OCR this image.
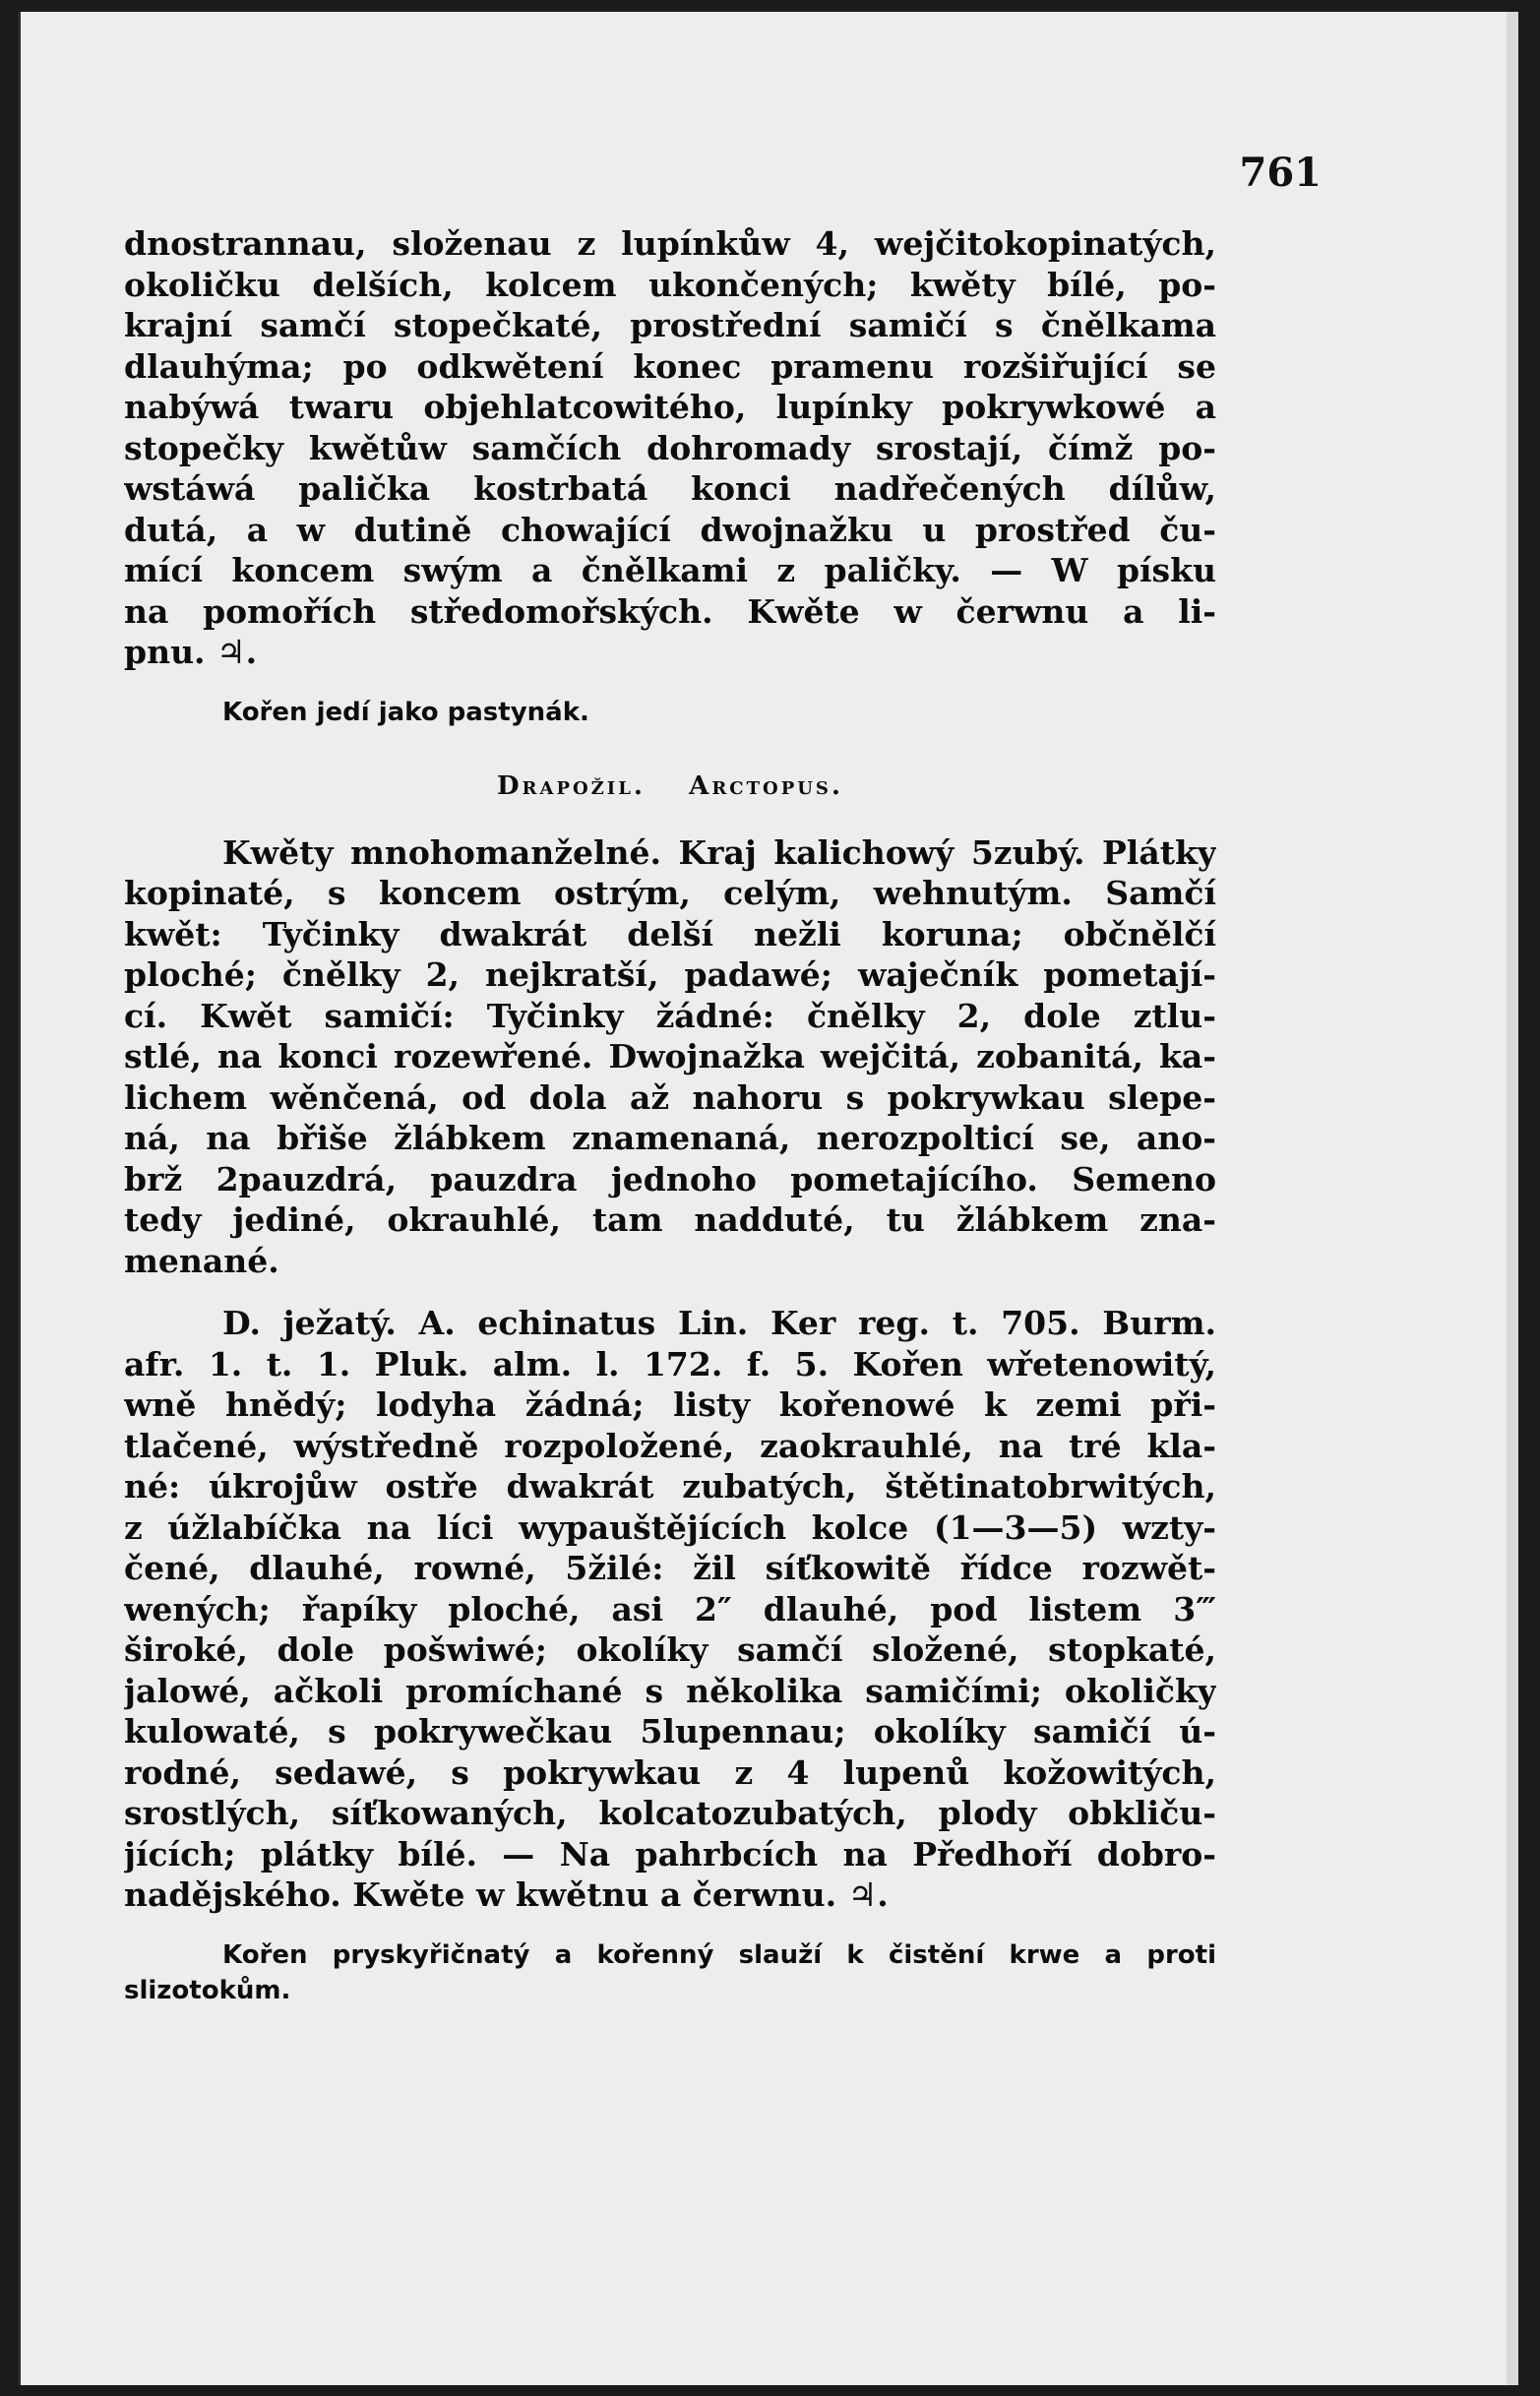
761
dnostrannau, složenau z lupínkůw 4, wejčitokopinatých,
okoličku delších, kolcem ukončených; kwěty bílé, po-
krajní samčí stopečkaté, prostřední samičí s čnělkama
dlauhýma; po odkwětení konec pramenu rozšiřující se
nabýwá twaru objehlatcowitého, lupínky pokrywkowé a
stopečky kwětůw samčích dohromady srostají, čímž po-
wstáwá palička kostrbatá konci nadřečených dílůw,
dutá, a w dutině chowající dwojnažku u prostřed ču-
mící koncem swým a čnělkami z paličky. — W písku
na pomořích středomořských. Kwěte w čerwnu a li-
pnu. ♃.
Kořen jedí jako pastynák.
Drapožil. Arctopus.
Kwěty mnohomanželné. Kraj kalichowý 5zubý. Plátky
kopinaté, s koncem ostrým, celým, wehnutým. Samčí
kwět: Tyčinky dwakrát delší nežli koruna; občnělčí
ploché; čnělky 2, nejkratší, padawé; waječník pometají-
cí. Kwět samičí: Tyčinky žádné: čnělky 2, dole ztlu-
stlé, na konci rozewřené. Dwojnažka wejčitá, zobanitá, ka-
lichem wěnčená, od dola až nahoru s pokrywkau slepe-
ná, na břiše žlábkem znamenaná, nerozpolticí se, ano-
brž 2pauzdrá, pauzdra jednoho pometajícího. Semeno
tedy jediné, okrauhlé, tam nadduté, tu žlábkem zna-
menané.
D. ježatý. A. echinatus Lin. Ker reg. t. 705. Burm.
afr. 1. t. 1. Pluk. alm. l. 172. f. 5. Kořen wřetenowitý,
wně hnědý; lodyha žádná; listy kořenowé k zemi při-
tlačené, wýstředně rozpoložené, zaokrauhlé, na tré kla-
né: úkrojůw ostře dwakrát zubatých, štětinatobrwitých,
z úžlabíčka na líci wypauštějících kolce (1—3—5) wzty-
čené, dlauhé, rowné, 5žilé: žil síťkowitě řídce rozwět-
wených; řapíky ploché, asi 2″ dlauhé, pod listem 3‴
široké, dole pošwiwé; okolíky samčí složené, stopkaté,
jalowé, ačkoli promíchané s několika samičími; okoličky
kulowaté, s pokrywečkau 5lupennau; okolíky samičí ú-
rodné, sedawé, s pokrywkau z 4 lupenů kožowitých,
srostlých, síťkowaných, kolcatozubatých, plody obkliču-
jících; plátky bílé. — Na pahrbcích na Předhoří dobro-
nadějského. Kwěte w kwětnu a čerwnu. ♃.
Kořen pryskyřičnatý a kořenný slauží k čistění krwe a proti
slizotokům.
